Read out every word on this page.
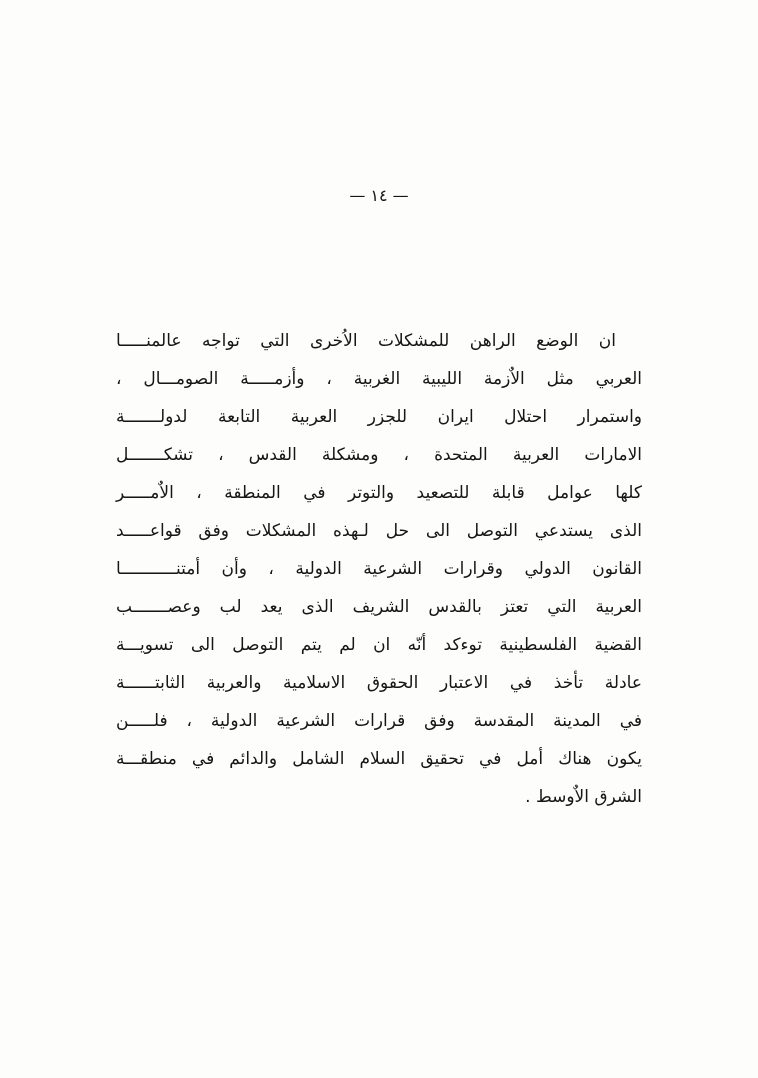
— ١٤ —
ان الوضع الراهن للمشكلات الاُخرى التي تواجه عالمنـــــا
العربي مثل الاٌزمة الليبية الغربية ، وأزمـــــة الصومـــال ،
واستمرار احتلال ايران للجزر العربية التابعة لدولـــــــة
الامارات العربية المتحدة ، ومشكلة القدس ، تشكـــــــل
كلها عوامل قابلة للتصعيد والتوتر في المنطقة ، الاٌمـــــر
الذى يستدعي التوصل الى حل لـهذه المشكلات وفق قواعـــــد
القانون الدولي وقرارات الشرعية الدولية ، وأن أمتنـــــــــــا
العربية التي تعتز بالقدس الشريف الذى يعد لب وعصـــــــب
القضية الفلسطينية توءكد أنّه ان لم يتم التوصل الى تسويـــة
عادلة تأخذ في الاعتبار الحقوق الاسلامية والعربية الثابتــــــة
في المدينة المقدسة وفق قرارات الشرعية الدولية ، فلـــــن
يكون هناك أمل في تحقيق السلام الشامل والدائم في منطقـــة
الشرق الاٌوسط .
